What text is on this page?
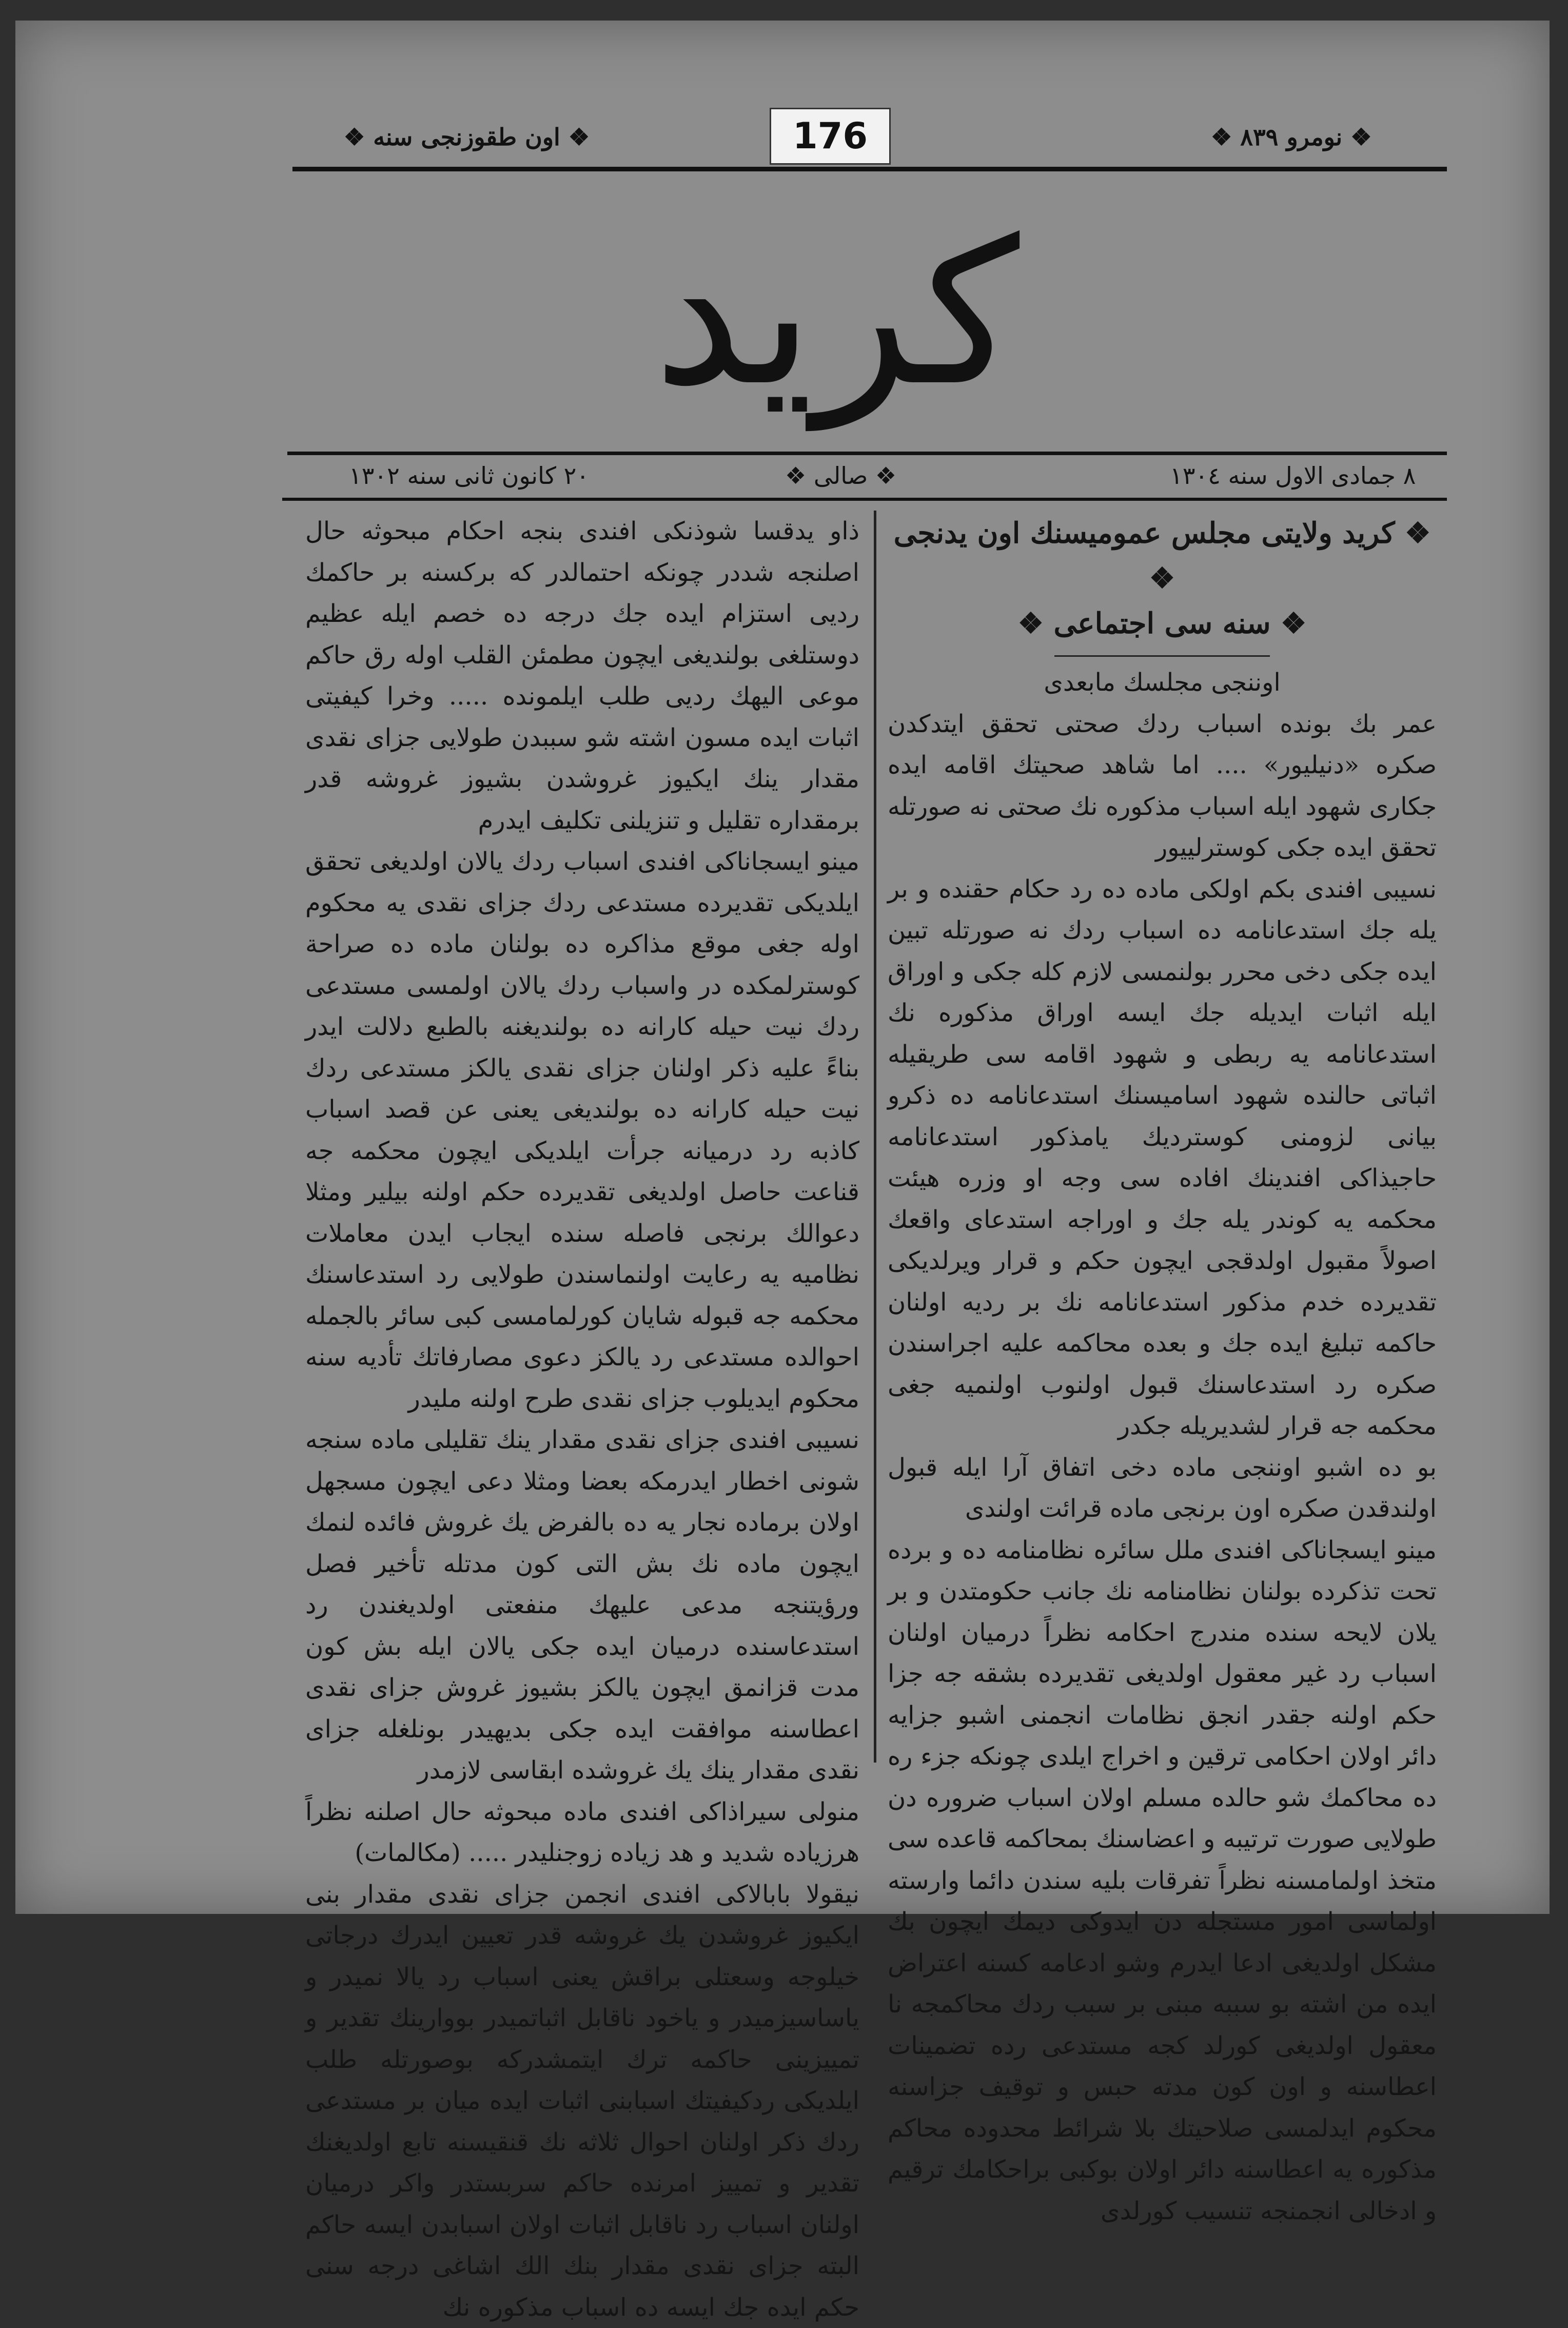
176	❖ نومرو ٨٣٩ ❖
❖ اون طقوزنجی سنه ❖
كريد
٨ جمادی الاول سنه ١٣٠٤
❖ صالی ❖
٢٠ كانون ثانی سنه ١٣٠٢
❖ كريد ولايتی مجلس عمومیسنك اون يدنجی ❖
❖ سنه سی اجتماعی ❖

اوننجی مجلسك مابعدی

عمر بك بونده اسباب ردك صحتی تحقق ايتدكدن صكره «دنيليور» .... اما شاهد صحيتك اقامه ايده جكاری شهود ايله اسباب مذكوره نك صحتی نه صورتله تحقق ايده جكی كوسترلیيور

نسيبی افندی بكم اولكی ماده ده رد حكام حقنده و بر يله جك استدعانامه ده اسباب ردك نه صورتله تبين ايده جكی دخی محرر بولنمسی لازم كله جكی و اوراق ايله اثبات ايديله جك ايسه اوراق مذكوره نك استدعانامه يه ربطی و شهود اقامه سی طريقيله اثباتی حالنده شهود اسامیسنك استدعانامه ده ذكرو بيانی لزومنی كوسترديك يامذكور استدعانامه حاجيذاكی افندينك افاده سی وجه او وزره هيئت محكمه يه كوندر يله جك و اوراجه استدعای واقعك اصولاً مقبول اولدقجی ايچون حكم و قرار ويرلديكی تقديرده خدم مذكور استدعانامه نك بر رديه اولنان حاكمه تبليغ ايده جك و بعده محاكمه عليه اجراسندن صكره رد استدعاسنك قبول اولنوب اولنميه جغی محكمه جه قرار لشديريله جكدر

بو ده اشبو اوننجی ماده دخی اتفاق آرا ايله قبول اولندقدن صكره اون برنجی ماده قرائت اولندی

مينو ايسجاناكی افندی ملل سائره نظامنامه ده و برده تحت تذكرده بولنان نظامنامه نك جانب حكومتدن و بر يلان لايحه سنده مندرج احكامه نظراً درميان اولنان اسباب رد غير معقول اولديغی تقديرده بشقه جه جزا حكم اولنه جقدر انجق نظامات انجمنی اشبو جزايه دائر اولان احكامی ترقين و اخراج ايلدی چونكه جزء ره ده محاكمك شو حالده مسلم اولان اسباب ضروره دن طولايی صورت ترتيبه و اعضاسنك بمحاكمه قاعده سی متخذ اولمامسنه نظراً تفرقات بليه سندن دائما وارسته اولماسی امور مستجله دن ايدوكی ديمك ايچون بك مشكل اولديغی ادعا ايدرم وشو ادعامه كسنه اعتراض ايده من اشته بو سببه مبنی بر سبب ردك محاكمجه نا معقول اولديغی كورلد كجه مستدعی رده تضمينات اعطاسنه و اون كون مدته حبس و توقيف جزاسنه محكوم ايدلمسی صلاحيتك بلا شرائط محدوده محاكم مذكوره يه اعطاسنه دائر اولان بوكبی براحكامك ترقيم و ادخالی انجمنجه تنسيب كورلدی

ذاو يدقسا شوذنكی افندی بنجه احكام مبحوثه حال اصلنجه شددر چونكه احتمالدر كه بركسنه بر حاكمك رديی استزام ايده جك درجه ده خصم ايله عظيم دوستلغی بولنديغی ايچون مطمئن القلب اوله رق حاكم موعی اليهك رديی طلب ايلمونده ..... ‌وخرا كيفيتی اثبات ايده مسون اشته شو سببدن طولايی جزای نقدی مقدار ينك ايكيوز غروشدن بشيوز غروشه قدر برمقداره تقليل و تنزيلنی تكليف ايدرم

مينو ايسجاناكی افندی اسباب ردك يالان اولديغی تحقق ايلديكی تقديرده مستدعی ردك جزای نقدی يه محكوم اوله جغی موقع مذاكره ده بولنان ماده ده صراحة كوسترلمكده در واسباب ردك يالان اولمسی مستدعی ردك نيت حيله كارانه ده بولنديغنه بالطبع دلالت ايدر بناءً عليه ذكر اولنان جزای نقدی يالكز مستدعی ردك نيت حيله كارانه ده بولنديغی يعنی عن قصد اسباب كاذبه رد درميانه جرأت ايلديكی ايچون محكمه جه قناعت حاصل اولديغی تقديرده حكم اولنه بيلير ومثلا دعوالك برنجی فاصله سنده ايجاب ايدن معاملات نظاميه يه رعايت اولنماسندن طولايی رد استدعاسنك محكمه جه قبوله شايان كورلمامسی كبی سائر بالجمله احوالده مستدعی رد يالكز دعوی مصارفاتك تأديه سنه محكوم ايديلوب جزای نقدی طرح اولنه مليدر

نسيبی افندی جزای نقدی مقدار ينك تقليلی ماده سنجه شونی اخطار ايدرمكه بعضا ومثلا دعی ايچون مسجهل اولان برماده نجار يه ده بالفرض يك غروش فائده لنمك ايچون ماده نك بش التی كون مدتله تأخير فصل ورؤيتنجه مدعی عليهك منفعتی اولديغندن رد استدعاسنده درميان ايده جكی يالان ايله بش كون مدت قزانمق ايچون يالكز بشيوز غروش جزای نقدی اعطاسنه موافقت ايده جكی بديهيدر بونلغله جزای نقدی مقدار ينك يك غروشده ابقاسی لازمدر

منولی سيراذاكی افندی ماده مبحوثه حال اصلنه نظراً هرزياده شديد و هد زياده زوجنليدر ..... (مكالمات)

نيقولا بابالاكی افندی انجمن جزای نقدی مقدار بنی ايكيوز غروشدن يك غروشه قدر تعيين ايدرك درجاتی خيلوجه وسعتلی براقش يعنی اسباب رد يالا نميدر و ياساسيزميدر و ياخود ناقابل اثباتميدر بووارينك تقدير و تمييزينی حاكمه ترك ايتمشدركه بوصورتله طلب ايلديكی ردكيفيتك اسبابنی اثبات ايده ميان بر مستدعی ردك ذكر اولنان احوال ثلاثه نك قنقيسنه تابع اولديغنك تقدير و تمييز امرنده حاكم سربستدر واكر درميان اولنان اسباب رد ناقابل اثبات اولان اسبابدن ايسه حاكم البته جزای نقدی مقدار بنك الك اشاغی درجه سنی حكم ايده جك ايسه ده اسباب مذكوره نك
